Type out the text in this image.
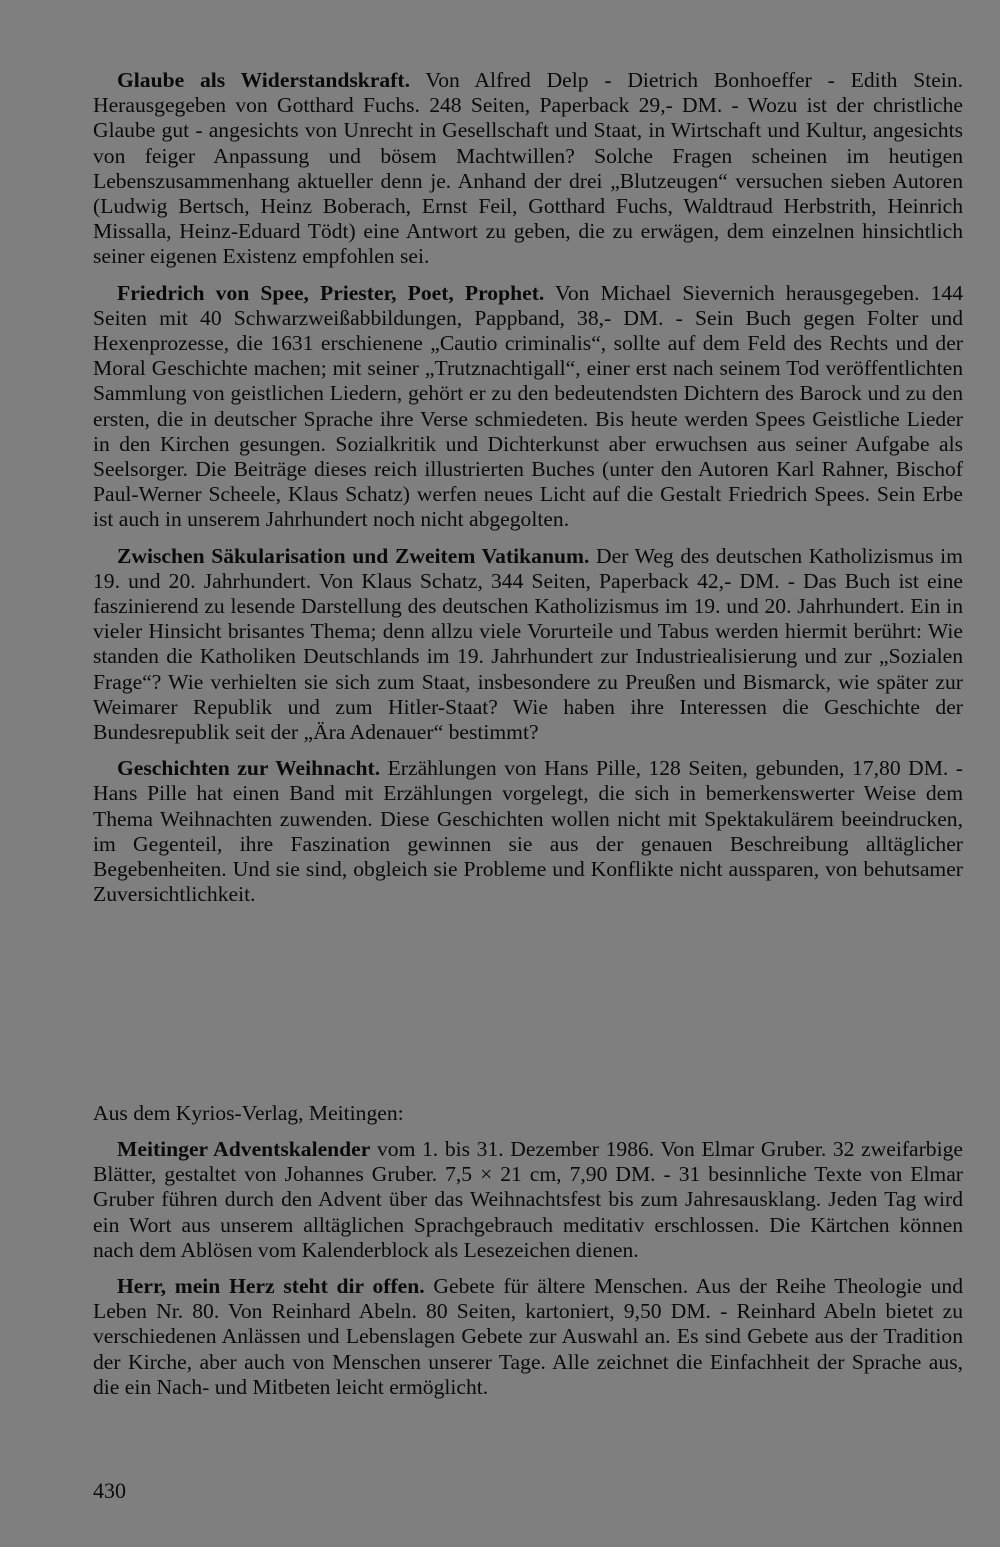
Glaube als Widerstandskraft. Von Alfred Delp - Dietrich Bonhoeffer - Edith Stein. Herausgegeben von Gotthard Fuchs. 248 Seiten, Paperback 29,- DM. - Wozu ist der christliche Glaube gut - angesichts von Unrecht in Gesellschaft und Staat, in Wirtschaft und Kultur, angesichts von feiger Anpassung und bösem Machtwillen? Solche Fragen scheinen im heutigen Lebenszusammenhang aktueller denn je. Anhand der drei „Blutzeugen“ versuchen sieben Autoren (Ludwig Bertsch, Heinz Boberach, Ernst Feil, Gotthard Fuchs, Waldtraud Herbstrith, Heinrich Missalla, Heinz-Eduard Tödt) eine Antwort zu geben, die zu erwägen, dem einzelnen hinsichtlich seiner eigenen Existenz empfohlen sei.

Friedrich von Spee, Priester, Poet, Prophet. Von Michael Sievernich herausgegeben. 144 Seiten mit 40 Schwarzweißabbildungen, Pappband, 38,- DM. - Sein Buch gegen Folter und Hexenprozesse, die 1631 erschienene „Cautio criminalis“, sollte auf dem Feld des Rechts und der Moral Geschichte machen; mit seiner „Trutznachtigall“, einer erst nach seinem Tod veröffentlichten Sammlung von geistlichen Liedern, gehört er zu den bedeutendsten Dichtern des Barock und zu den ersten, die in deutscher Sprache ihre Verse schmiedeten. Bis heute werden Spees Geistliche Lieder in den Kirchen gesungen. Sozialkritik und Dichterkunst aber erwuchsen aus seiner Aufgabe als Seelsorger. Die Beiträge dieses reich illustrierten Buches (unter den Autoren Karl Rahner, Bischof Paul-Werner Scheele, Klaus Schatz) werfen neues Licht auf die Gestalt Friedrich Spees. Sein Erbe ist auch in unserem Jahrhundert noch nicht abgegolten.

Zwischen Säkularisation und Zweitem Vatikanum. Der Weg des deutschen Katholizismus im 19. und 20. Jahrhundert. Von Klaus Schatz, 344 Seiten, Paperback 42,- DM. - Das Buch ist eine faszinierend zu lesende Darstellung des deutschen Katholizismus im 19. und 20. Jahrhundert. Ein in vieler Hinsicht brisantes Thema; denn allzu viele Vorurteile und Tabus werden hiermit berührt: Wie standen die Katholiken Deutschlands im 19. Jahrhundert zur Industriealisierung und zur „Sozialen Frage“? Wie verhielten sie sich zum Staat, insbesondere zu Preußen und Bismarck, wie später zur Weimarer Republik und zum Hitler-Staat? Wie haben ihre Interessen die Geschichte der Bundesrepublik seit der „Ära Adenauer“ bestimmt?

Geschichten zur Weihnacht. Erzählungen von Hans Pille, 128 Seiten, gebunden, 17,80 DM. - Hans Pille hat einen Band mit Erzählungen vorgelegt, die sich in bemerkenswerter Weise dem Thema Weihnachten zuwenden. Diese Geschichten wollen nicht mit Spektakulärem beeindrucken, im Gegenteil, ihre Faszination gewinnen sie aus der genauen Beschreibung alltäglicher Begebenheiten. Und sie sind, obgleich sie Probleme und Konflikte nicht aussparen, von behutsamer Zuversichtlichkeit.

Aus dem Kyrios-Verlag, Meitingen:

Meitinger Adventskalender vom 1. bis 31. Dezember 1986. Von Elmar Gruber. 32 zweifarbige Blätter, gestaltet von Johannes Gruber. 7,5 × 21 cm, 7,90 DM. - 31 besinnliche Texte von Elmar Gruber führen durch den Advent über das Weihnachtsfest bis zum Jahresausklang. Jeden Tag wird ein Wort aus unserem alltäglichen Sprachgebrauch meditativ erschlossen. Die Kärtchen können nach dem Ablösen vom Kalenderblock als Lesezeichen dienen.

Herr, mein Herz steht dir offen. Gebete für ältere Menschen. Aus der Reihe Theologie und Leben Nr. 80. Von Reinhard Abeln. 80 Seiten, kartoniert, 9,50 DM. - Reinhard Abeln bietet zu verschiedenen Anlässen und Lebenslagen Gebete zur Auswahl an. Es sind Gebete aus der Tradition der Kirche, aber auch von Menschen unserer Tage. Alle zeichnet die Einfachheit der Sprache aus, die ein Nach- und Mitbeten leicht ermöglicht.

430
